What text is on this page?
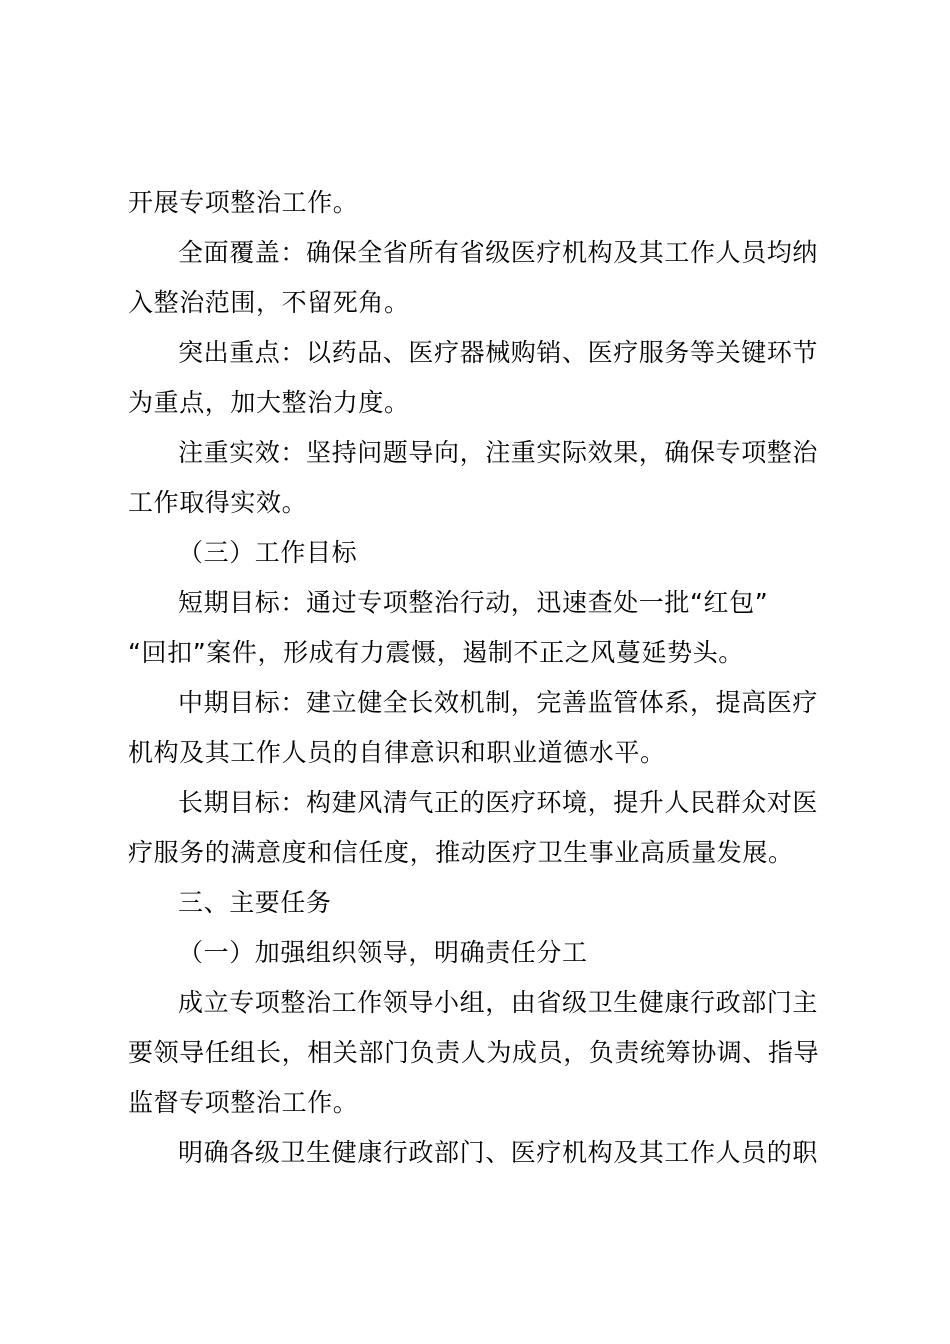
开展专项整治工作。
全面覆盖：确保全省所有省级医疗机构及其工作人员均纳
入整治范围，不留死角。
突出重点：以药品、医疗器械购销、医疗服务等关键环节
为重点，加大整治力度。
注重实效：坚持问题导向，注重实际效果，确保专项整治
工作取得实效。
（三）工作目标
短期目标：通过专项整治行动，迅速查处一批“红包”
“回扣”案件，形成有力震慑，遏制不正之风蔓延势头。
中期目标：建立健全长效机制，完善监管体系，提高医疗
机构及其工作人员的自律意识和职业道德水平。
长期目标：构建风清气正的医疗环境，提升人民群众对医
疗服务的满意度和信任度，推动医疗卫生事业高质量发展。
三、主要任务
（一）加强组织领导，明确责任分工
成立专项整治工作领导小组，由省级卫生健康行政部门主
要领导任组长，相关部门负责人为成员，负责统筹协调、指导
监督专项整治工作。
明确各级卫生健康行政部门、医疗机构及其工作人员的职
